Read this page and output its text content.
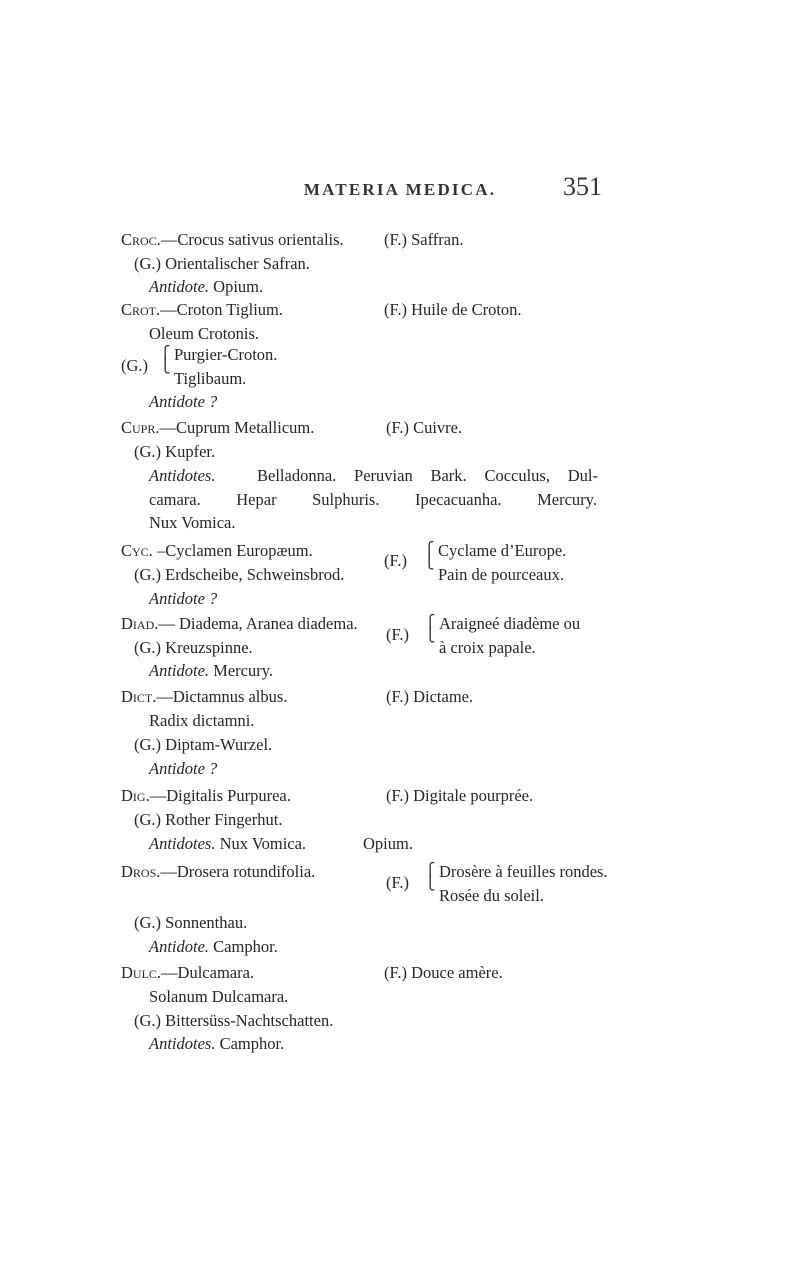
MATERIA MEDICA.	351
Croc.—Crocus sativus orientalis. (F.) Saffran.
(G.) Orientalischer Safran.
Antidote. Opium.
Crot.—Croton Tiglium.	(F.) Huile de Croton.
Oleum Crotonis.
(G.)
⎧
⎩
Purgier-Croton.
Tiglibaum.
Antidote ?
Cupr.—Cuprum Metallicum.	(F.) Cuivre.
(G.) Kupfer.
Antidotes.	Belladonna. Peruvian Bark. Cocculus, Dul-
camara. Hepar Sulphuris. Ipecacuanha. Mercury.
Nux Vomica.
Cyc. –Cyclamen Europæum.
(G.) Erdscheibe, Schweinsbrod.
Antidote ?
(F.)
⎧
⎩
Cyclame d’Europe.
Pain de pourceaux.
Diad.— Diadema, Aranea diadema.
(G.) Kreuzspinne.
Antidote. Mercury.
(F.)
⎧
⎩
Araigneé diadème ou
à croix papale.
Dict.—Dictamnus albus.	(F.) Dictame.
Radix dictamni.
(G.) Diptam-Wurzel.
Antidote ?
Dig.—Digitalis Purpurea.	(F.) Digitale pourprée.
(G.) Rother Fingerhut.
Antidotes. Nux Vomica.	Opium.
Dros.—Drosera rotundifolia.
(F.)
⎧
⎩
Drosère à feuilles rondes.
Rosée du soleil.
(G.) Sonnenthau.
Antidote. Camphor.
Dulc.—Dulcamara.	(F.) Douce amère.
Solanum Dulcamara.
(G.) Bittersüss-Nachtschatten.
Antidotes. Camphor.
